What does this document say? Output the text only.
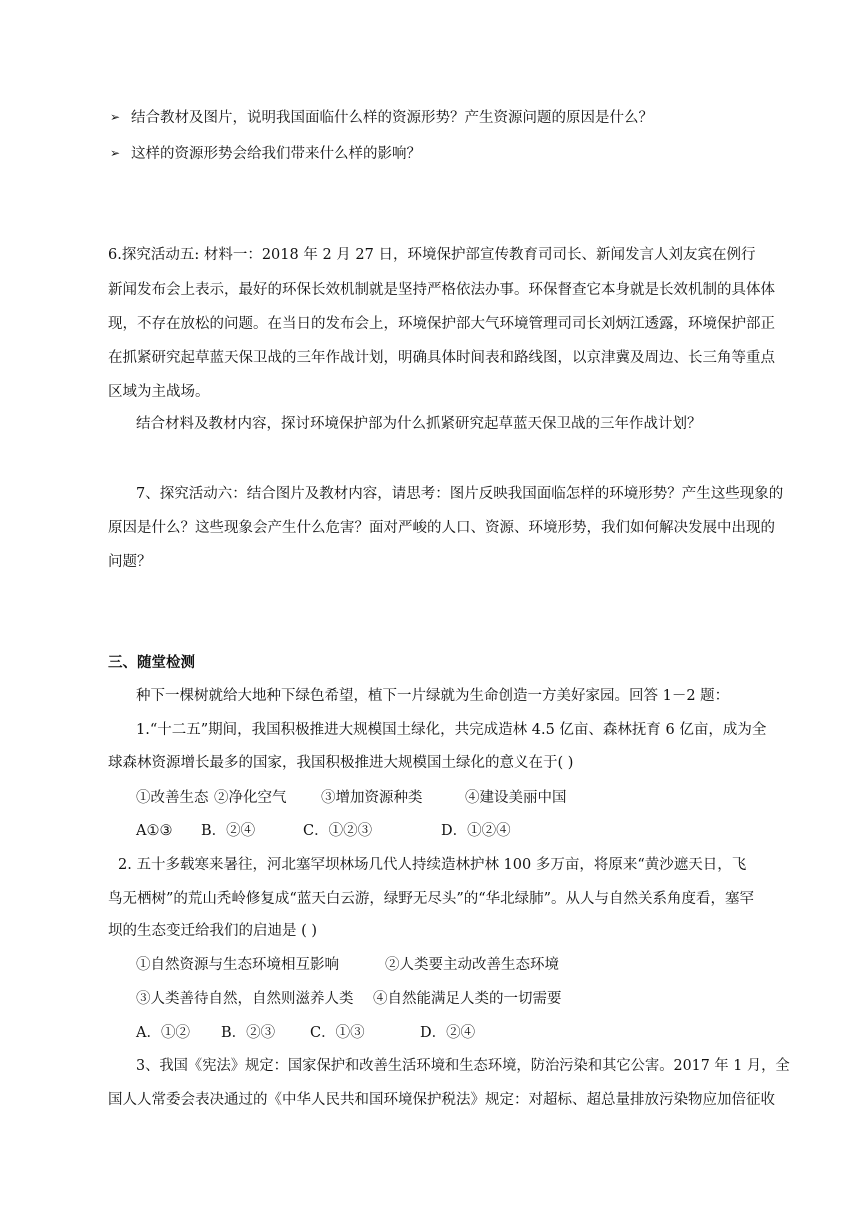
➢ 结合教材及图片，说明我国面临什么样的资源形势？产生资源问题的原因是什么？
➢ 这样的资源形势会给我们带来什么样的影响？
6.探究活动五: 材料一：2018 年 2 月 27 日，环境保护部宣传教育司司长、新闻发言人刘友宾在例行
新闻发布会上表示，最好的环保长效机制就是坚持严格依法办事。环保督查它本身就是长效机制的具体体
现，不存在放松的问题。在当日的发布会上，环境保护部大气环境管理司司长刘炳江透露，环境保护部正
在抓紧研究起草蓝天保卫战的三年作战计划，明确具体时间表和路线图，以京津冀及周边、长三角等重点
区域为主战场。
结合材料及教材内容，探讨环境保护部为什么抓紧研究起草蓝天保卫战的三年作战计划？
7、探究活动六：结合图片及教材内容，请思考：图片反映我国面临怎样的环境形势？产生这些现象的
原因是什么？这些现象会产生什么危害？面对严峻的人口、资源、环境形势，我们如何解决发展中出现的
问题？
三、随堂检测
种下一棵树就给大地种下绿色希望，植下一片绿就为生命创造一方美好家园。回答 1－2 题：
1.“十二五”期间，我国积极推进大规模国土绿化，共完成造林 4.5 亿亩、森林抚育 6 亿亩，成为全
球森林资源增长最多的国家，我国积极推进大规模国土绿化的意义在于( )
①改善生态 ②净化空气 ③增加资源种类	④建设美丽中国
A①③ B．②④	C．①②③	D．①②④
2. 五十多载寒来暑往，河北塞罕坝林场几代人持续造林护林 100 多万亩，将原来“黄沙遮天日，飞
鸟无栖树”的荒山秃岭修复成“蓝天白云游，绿野无尽头”的“华北绿肺”。从人与自然关系角度看，塞罕
坝的生态变迁给我们的启迪是 ( )
①自然资源与生态环境相互影响	②人类要主动改善生态环境
③人类善待自然，自然则滋养人类 ④自然能满足人类的一切需要
A．①② B．②③ C．①③	D．②④
3、我国《宪法》规定：国家保护和改善生活环境和生态环境，防治污染和其它公害。2017 年 1 月，全
国人人常委会表决通过的《中华人民共和国环境保护税法》规定：对超标、超总量排放污染物应加倍征收
